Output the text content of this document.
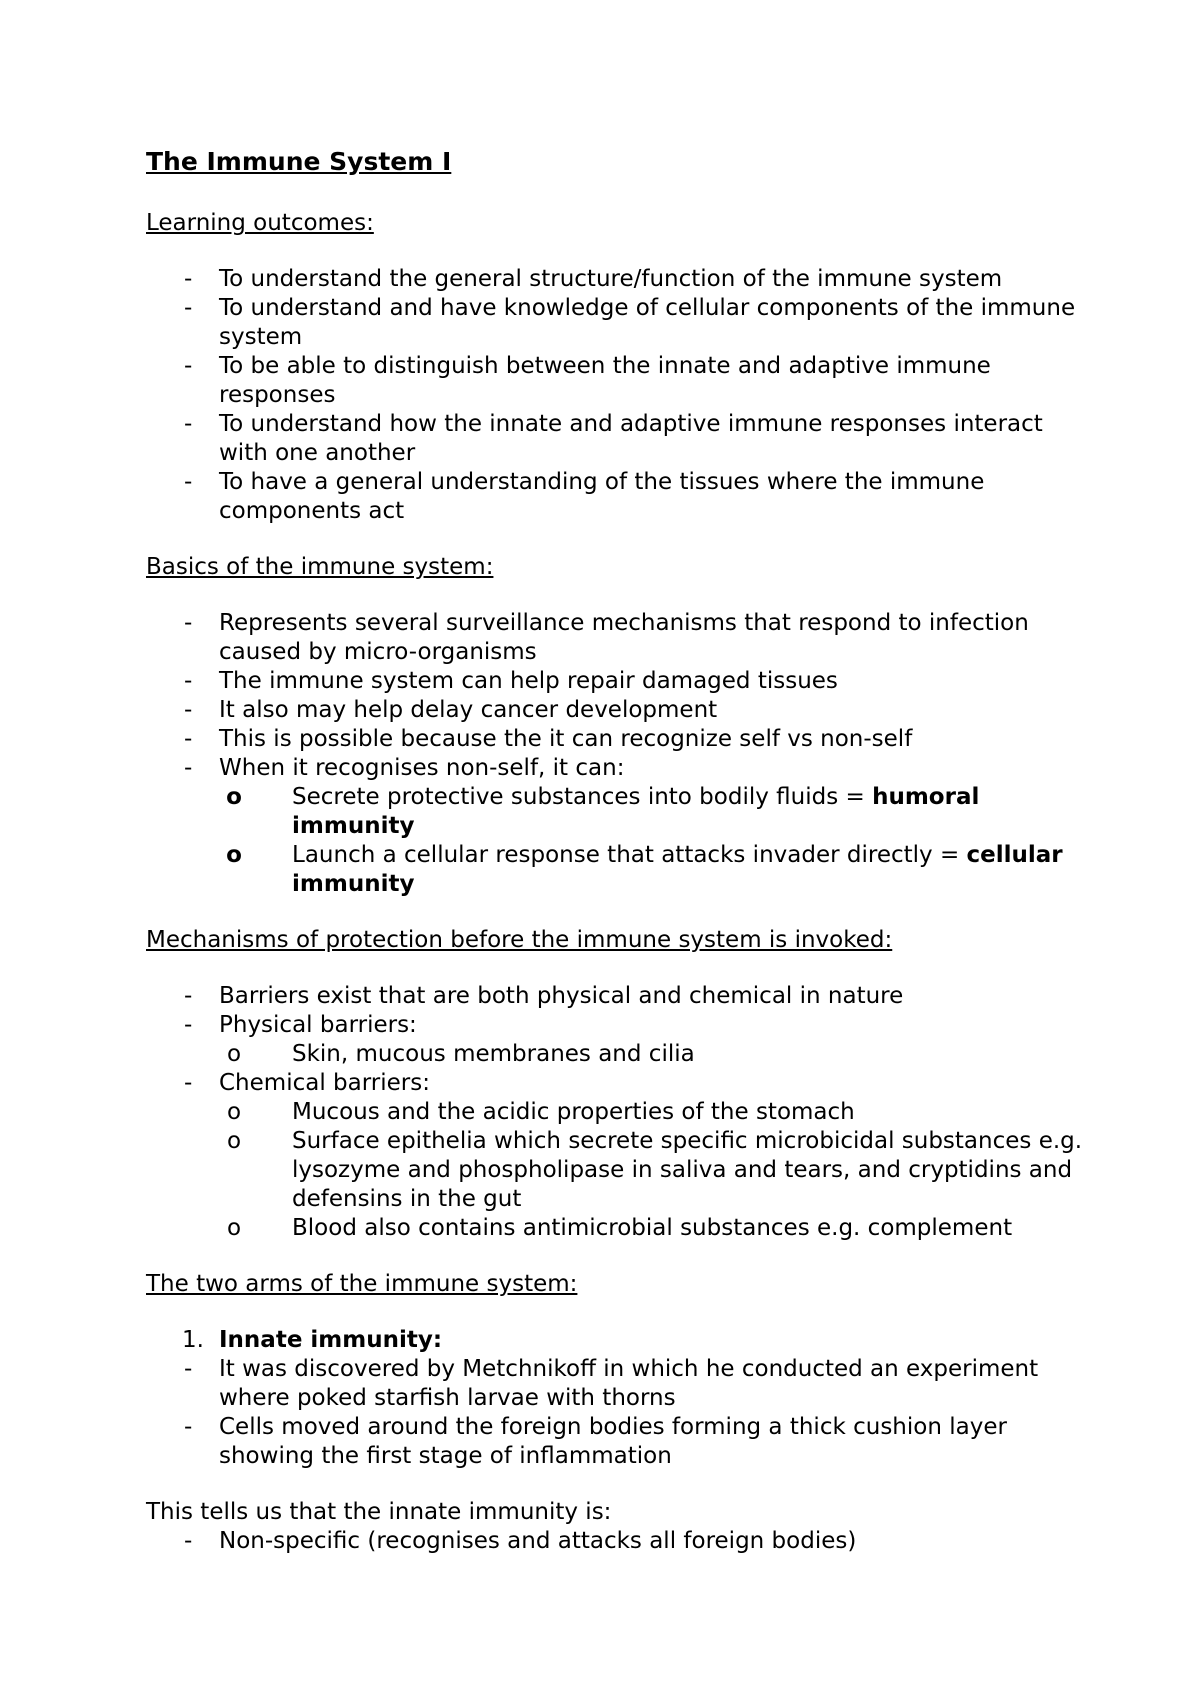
The Immune System I
Learning outcomes:
-	To understand the general structure/function of the immune system
-	To understand and have knowledge of cellular components of the immune system
-	To be able to distinguish between the innate and adaptive immune responses
-	To understand how the innate and adaptive immune responses interact with one another
-	To have a general understanding of the tissues where the immune components act
Basics of the immune system:
-	Represents several surveillance mechanisms that respond to infection caused by micro-organisms
-	The immune system can help repair damaged tissues
-	It also may help delay cancer development
-	This is possible because the it can recognize self vs non-self
-	When it recognises non-self, it can:
o	Secrete protective substances into bodily fluids = humoral immunity
o	Launch a cellular response that attacks invader directly = cellular immunity
Mechanisms of protection before the immune system is invoked:
-	Barriers exist that are both physical and chemical in nature
-	Physical barriers:
o	Skin, mucous membranes and cilia
-	Chemical barriers:
o	Mucous and the acidic properties of the stomach
o	Surface epithelia which secrete specific microbicidal substances e.g. lysozyme and phospholipase in saliva and tears, and cryptidins and defensins in the gut
o	Blood also contains antimicrobial substances e.g. complement
The two arms of the immune system:
1. Innate immunity:
-	It was discovered by Metchnikoff in which he conducted an experiment where poked starfish larvae with thorns
-	Cells moved around the foreign bodies forming a thick cushion layer showing the first stage of inflammation
This tells us that the innate immunity is:
-	Non-specific (recognises and attacks all foreign bodies)
